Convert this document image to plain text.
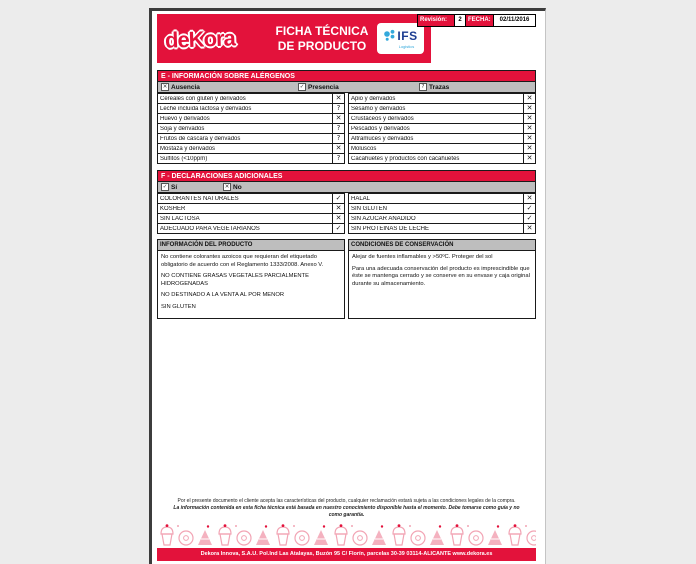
deKora	FICHA TÉCNICA DE PRODUCTO
IFS
Logistics
Revisión:	2	FECHA:	02/11/2016
E - INFORMACIÓN SOBRE ALÉRGENOS
✕ Ausencia	✓ Presencia	? Trazas
Cereales con gluten y derivados	✕
Leche incluida lactosa y derivados	?
Huevo y derivados	✕
Soja y derivados	?
Frutos de cáscara y derivados	?
Mostaza y derivados	✕
Sulfitos (<10ppm)	?
Apio y derivados	✕
Sésamo y derivados	✕
Crustáceos y derivados	✕
Pescados y derivados	✕
Altramuces y derivados	✕
Moluscos	✕
Cacahuetes y productos con cacahuetes	✕
F - DECLARACIONES ADICIONALES
✓ Sí	✕ No
COLORANTES NATURALES	✓
KOSHER	✕
SIN LACTOSA	✕
ADECUADO PARA VEGETARIANOS	✓
HALAL	✕
SIN GLUTEN	✓
SIN AZÚCAR AÑADIDO	✓
SIN PROTEINAS DE LECHE	✕
INFORMACIÓN DEL PRODUCTO
No contiene colorantes azoicos que requieran del etiquetado obligatorio de acuerdo con el Reglamento 1333/2008. Anexo V.
NO CONTIENE GRASAS VEGETALES PARCIALMENTE HIDROGENADAS
NO DESTINADO A LA VENTA AL POR MENOR
SIN GLUTEN
CONDICIONES DE CONSERVACIÓN
Alejar de fuentes inflamables y >50ºC. Proteger del sol
Para una adecuada conservación del producto es imprescindible que éste se mantenga cerrado y se conserve en su envase y caja original durante su almacenamiento.
Por el presente documento el cliente acepta las características del producto, cualquier reclamación estará sujeta a las condiciones legales de la compra.
La información contenida en esta ficha técnica está basada en nuestro conocimiento disponible hasta el momento. Debe tomarse como guía y no como garantía.
Dekora Innova, S.A.U. Pol.Ind Las Atalayas, Buzón 95 C/ Florín, parcelas 30-39 03114-ALICANTE www.dekora.es
